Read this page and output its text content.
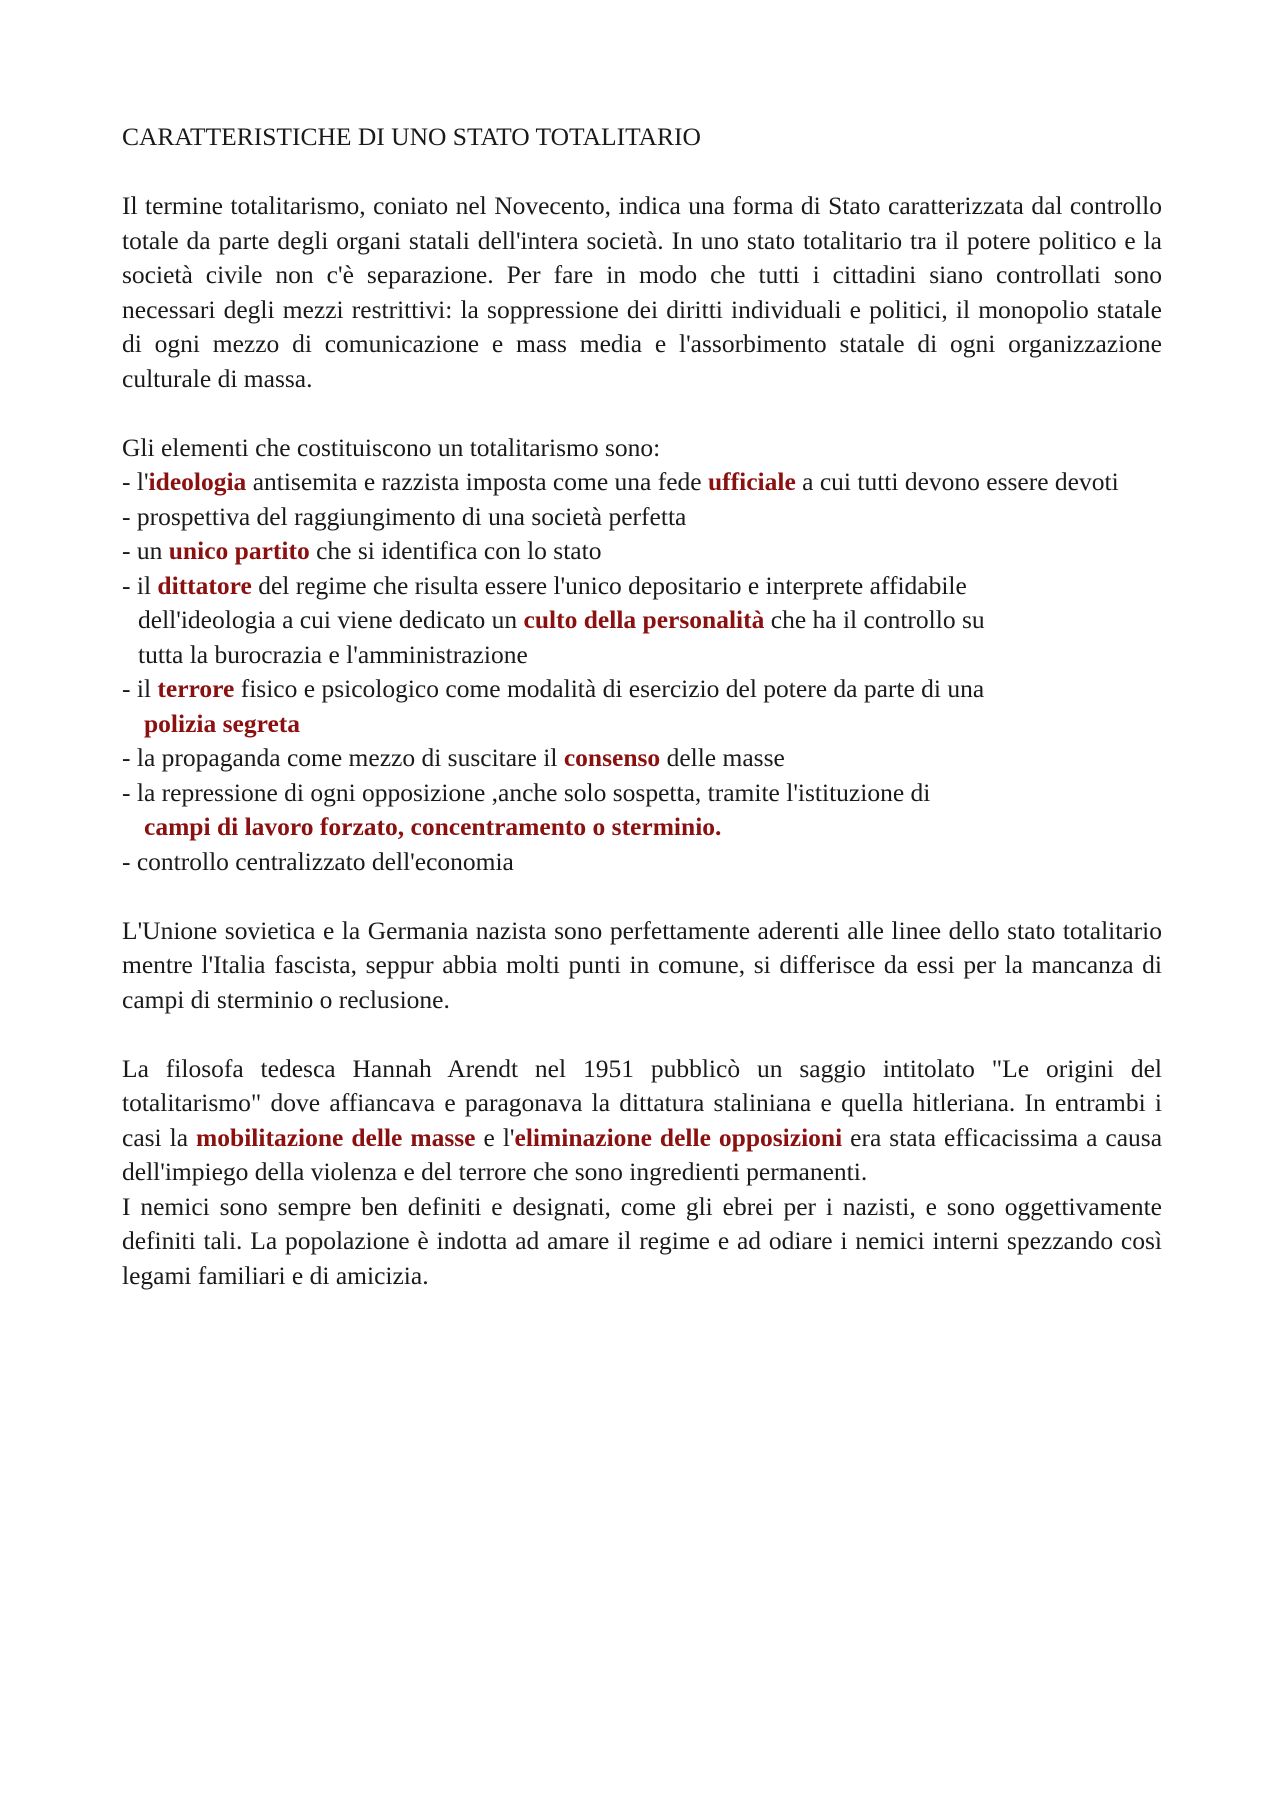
CARATTERISTICHE DI UNO STATO TOTALITARIO

Il termine totalitarismo, coniato nel Novecento, indica una forma di Stato caratterizzata dal controllo totale da parte degli organi statali dell'intera società. In uno stato totalitario tra il potere politico e la società civile non c'è separazione. Per fare in modo che tutti i cittadini siano controllati sono necessari degli mezzi restrittivi: la soppressione dei diritti individuali e politici, il monopolio statale di ogni mezzo di comunicazione e mass media e l'assorbimento statale di ogni organizzazione culturale di massa.

Gli elementi che costituiscono un totalitarismo sono:

- l'ideologia antisemita e razzista imposta come una fede ufficiale a cui tutti devono essere devoti
- prospettiva del raggiungimento di una società perfetta
- un unico partito che si identifica con lo stato
- il dittatore del regime che risulta essere l'unico depositario e interprete affidabile
dell'ideologia a cui viene dedicato un culto della personalità che ha il controllo su
tutta la burocrazia e l'amministrazione
- il terrore fisico e psicologico come modalità di esercizio del potere da parte di una
polizia segreta
- la propaganda come mezzo di suscitare il consenso delle masse
- la repressione di ogni opposizione ,anche solo sospetta, tramite l'istituzione di
campi di lavoro forzato, concentramento o sterminio.
- controllo centralizzato dell'economia

L'Unione sovietica e la Germania nazista sono perfettamente aderenti alle linee dello stato totalitario mentre l'Italia fascista, seppur abbia molti punti in comune, si differisce da essi per la mancanza di campi di sterminio o reclusione.

La filosofa tedesca Hannah Arendt nel 1951 pubblicò un saggio intitolato "Le origini del totalitarismo" dove affiancava e paragonava la dittatura staliniana e quella hitleriana. In entrambi i casi la mobilitazione delle masse e l'eliminazione delle opposizioni era stata efficacissima a causa dell'impiego della violenza e del terrore che sono ingredienti permanenti.

I nemici sono sempre ben definiti e designati, come gli ebrei per i nazisti, e sono oggettivamente definiti tali. La popolazione è indotta ad amare il regime e ad odiare i nemici interni spezzando così legami familiari e di amicizia.
